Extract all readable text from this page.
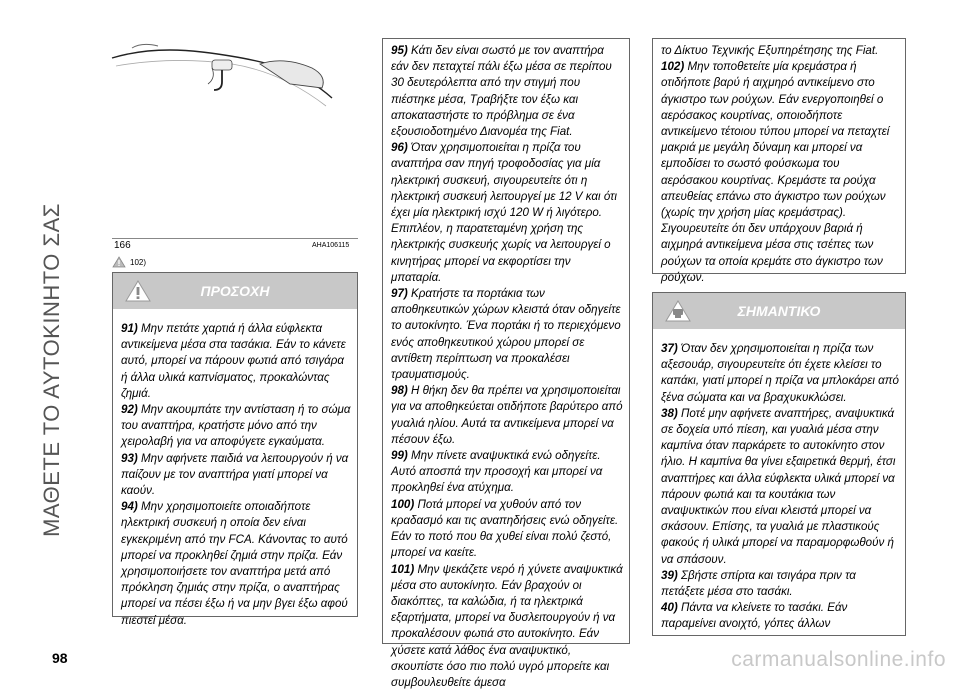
ΜΑΘΕΤΕ ΤΟ ΑΥΤΟΚΙΝΗΤΟ ΣΑΣ	166	AHA106115
102)
ΠΡΟΣΟΧΗ
91) Μην πετάτε χαρτιά ή άλλα εύφλεκτα αντικείμενα μέσα στα τασάκια. Εάν το κάνετε αυτό, μπορεί να πάρουν φωτιά από τσιγάρα ή άλλα υλικά καπνίσματος, προκαλώντας ζημιά.
92) Μην ακουμπάτε την αντίσταση ή το σώμα του αναπτήρα, κρατήστε μόνο από την χειρολαβή για να αποφύγετε εγκαύματα.
93) Μην αφήνετε παιδιά να λειτουργούν ή να παίζουν με τον αναπτήρα γιατί μπορεί να καούν.
94) Μην χρησιμοποιείτε οποιαδήποτε ηλεκτρική συσκευή η οποία δεν είναι εγκεκριμένη από την FCA. Κάνοντας το αυτό μπορεί να προκληθεί ζημιά στην πρίζα. Εάν χρησιμοποιήσετε τον αναπτήρα μετά από πρόκληση ζημιάς στην πρίζα, ο αναπτήρας μπορεί να πέσει έξω ή να μην βγει έξω αφού πιεστεί μέσα.
95) Κάτι δεν είναι σωστό με τον αναπτήρα εάν δεν πεταχτεί πάλι έξω μέσα σε περίπου 30 δευτερόλεπτα από την στιγμή που πιέστηκε μέσα, Τραβήξτε τον έξω και αποκαταστήστε το πρόβλημα σε ένα εξουσιοδοτημένο Διανομέα της Fiat.
96) Όταν χρησιμοποιείται η πρίζα του αναπτήρα σαν πηγή τροφοδοσίας για μία ηλεκτρική συσκευή, σιγουρευτείτε ότι η ηλεκτρική συσκευή λειτουργεί με 12 V και ότι έχει μία ηλεκτρική ισχύ 120 W ή λιγότερο. Επιπλέον, η παρατεταμένη χρήση της ηλεκτρικής συσκευής χωρίς να λειτουργεί ο κινητήρας μπορεί να εκφορτίσει την μπαταρία.
97) Κρατήστε τα πορτάκια των αποθηκευτικών χώρων κλειστά όταν οδηγείτε το αυτοκίνητο. Ένα πορτάκι ή το περιεχόμενο ενός αποθηκευτικού χώρου μπορεί σε αντίθετη περίπτωση να προκαλέσει τραυματισμούς.
98) Η θήκη δεν θα πρέπει να χρησιμοποιείται για να αποθηκεύεται οτιδήποτε βαρύτερο από γυαλιά ηλίου. Αυτά τα αντικείμενα μπορεί να πέσουν έξω.
99) Μην πίνετε αναψυκτικά ενώ οδηγείτε. Αυτό αποσπά την προσοχή και μπορεί να προκληθεί ένα ατύχημα.
100) Ποτά μπορεί να χυθούν από τον κραδασμό και τις αναπηδήσεις ενώ οδηγείτε. Εάν το ποτό που θα χυθεί είναι πολύ ζεστό, μπορεί να καείτε.
101) Μην ψεκάζετε νερό ή χύνετε αναψυκτικά μέσα στο αυτοκίνητο. Εάν βραχούν οι διακόπτες, τα καλώδια, ή τα ηλεκτρικά εξαρτήματα, μπορεί να δυσλειτουργούν ή να προκαλέσουν φωτιά στο αυτοκίνητο. Εάν χύσετε κατά λάθος ένα αναψυκτικό, σκουπίστε όσο πιο πολύ υγρό μπορείτε και συμβουλευθείτε άμεσα
το Δίκτυο Τεχνικής Εξυπηρέτησης της Fiat.
102) Μην τοποθετείτε μία κρεμάστρα ή οτιδήποτε βαρύ ή αιχμηρό αντικείμενο στο άγκιστρο των ρούχων. Εάν ενεργοποιηθεί ο αερόσακος κουρτίνας, οποιοδήποτε αντικείμενο τέτοιου τύπου μπορεί να πεταχτεί μακριά με μεγάλη δύναμη και μπορεί να εμποδίσει το σωστό φούσκωμα του αερόσακου κουρτίνας. Κρεμάστε τα ρούχα απευθείας επάνω στο άγκιστρο των ρούχων (χωρίς την χρήση μίας κρεμάστρας). Σιγουρευτείτε ότι δεν υπάρχουν βαριά ή αιχμηρά αντικείμενα μέσα στις τσέπες των ρούχων τα οποία κρεμάτε στο άγκιστρο των ρούχων.
ΣΗΜΑΝΤΙΚΟ
37) Όταν δεν χρησιμοποιείται η πρίζα των αξεσουάρ, σιγουρευτείτε ότι έχετε κλείσει το καπάκι, γιατί μπορεί η πρίζα να μπλοκάρει από ξένα σώματα και να βραχυκυκλώσει.
38) Ποτέ μην αφήνετε αναπτήρες, αναψυκτικά σε δοχεία υπό πίεση, και γυαλιά μέσα στην καμπίνα όταν παρκάρετε το αυτοκίνητο στον ήλιο. Η καμπίνα θα γίνει εξαιρετικά θερμή, έτσι αναπτήρες και άλλα εύφλεκτα υλικά μπορεί να πάρουν φωτιά και τα κουτάκια των αναψυκτικών που είναι κλειστά μπορεί να σκάσουν. Επίσης, τα γυαλιά με πλαστικούς φακούς ή υλικά μπορεί να παραμορφωθούν ή να σπάσουν.
39) Σβήστε σπίρτα και τσιγάρα πριν τα πετάξετε μέσα στο τασάκι.
40) Πάντα να κλείνετε το τασάκι. Εάν παραμείνει ανοιχτό, γόπες άλλων
98	carmanualsonline.info
